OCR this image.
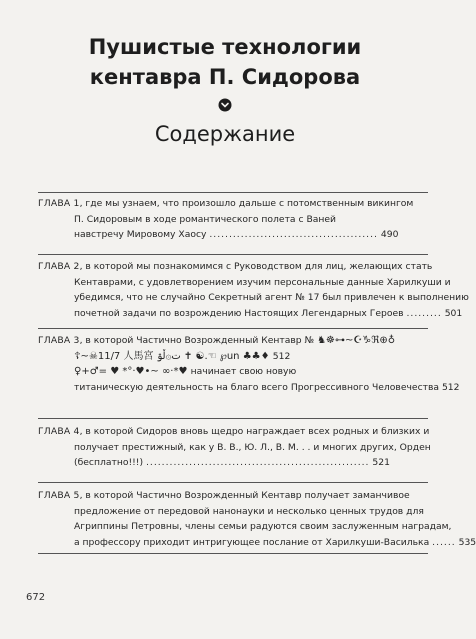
Пушистые технологии
кентавра П. Сидорова
Содержание
ГЛАВА 1, где мы узнаем, что произошло дальше с потомственным викингом
П. Сидоровым в ходе романтического полета с Ваней
навстречу Мировому Хаосу ........................................... 490
ГЛАВА 2, в которой мы познакомимся с Руководством для лиц, желающих стать
Кентаврами, с удовлетворением изучим персональные данные Харилкуши и
убедимся, что не случайно Секретный агент № 17 был привлечен к выполнению
почетной задачи по возрождению Настоящих Легендарных Героев ......... 501
ГЛАВА 3, в которой Частично Возрожденный Кентавр № ♞☸⊶~☪♑ℜ⊕♁
☦~☠11/7 人馬宮 ت۞ڵۊ ✝ ☯.☜ ℘un ♣♣♦ 512
♀+♂= ♥ *°·♥•~ ∞·*♥ начинает свою новую
титаническую деятельность на благо всего Прогрессивного Человечества 512
ГЛАВА 4, в которой Сидоров вновь щедро награждает всех родных и близких и
получает престижный, как у В. В., Ю. Л., В. М. . . и многих других, Орден
(бесплатно!!!) ......................................................... 521
ГЛАВА 5, в которой Частично Возрожденный Кентавр получает заманчивое
предложение от передовой нанонауки и несколько ценных трудов для
Агриппины Петровны, члены семьи радуются своим заслуженным наградам,
а профессору приходит интригующее послание от Харилкуши-Василька ...... 535
672
